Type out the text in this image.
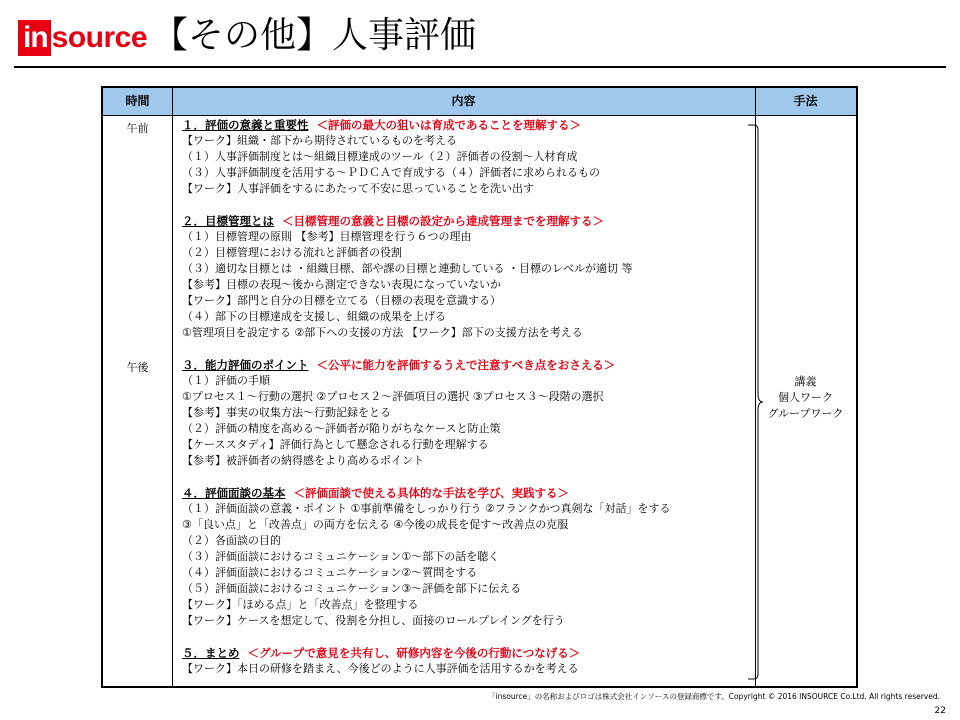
in source 【その他】人事評価
時間	内容	手法
午前
午後
１．評価の意義と重要性 ＜評価の最大の狙いは育成であることを理解する＞
【ワーク】組織・部下から期待されているものを考える
（１）人事評価制度とは～組織目標達成のツール（２）評価者の役割～人材育成
（３）人事評価制度を活用する～ＰＤＣＡで育成する（４）評価者に求められるもの
【ワーク】人事評価をするにあたって不安に思っていることを洗い出す
２．目標管理とは ＜目標管理の意義と目標の設定から達成管理までを理解する＞
（１）目標管理の原則 【参考】目標管理を行う６つの理由
（２）目標管理における流れと評価者の役割
（３）適切な目標とは ・組織目標、部や課の目標と連動している ・目標のレベルが適切 等
【参考】目標の表現～後から測定できない表現になっていないか
【ワーク】部門と自分の目標を立てる（目標の表現を意識する）
（４）部下の目標達成を支援し、組織の成果を上げる
①管理項目を設定する ②部下への支援の方法 【ワーク】部下の支援方法を考える
３．能力評価のポイント ＜公平に能力を評価するうえで注意すべき点をおさえる＞
（１）評価の手順
①プロセス１～行動の選択 ②プロセス２～評価項目の選択 ③プロセス３～段階の選択
【参考】事実の収集方法～行動記録をとる
（２）評価の精度を高める～評価者が陥りがちなケースと防止策
【ケーススタディ】評価行為として懸念される行動を理解する
【参考】被評価者の納得感をより高めるポイント
４．評価面談の基本 ＜評価面談で使える具体的な手法を学び、実践する＞
（１）評価面談の意義・ポイント ①事前準備をしっかり行う ②フランクかつ真剣な「対話」をする
③「良い点」と「改善点」の両方を伝える ④今後の成長を促す～改善点の克服
（２）各面談の目的
（３）評価面談におけるコミュニケーション①～部下の話を聴く
（４）評価面談におけるコミュニケーション②～質問をする
（５）評価面談におけるコミュニケーション③～評価を部下に伝える
【ワーク】「ほめる点」と「改善点」を整理する
【ワーク】ケースを想定して、役割を分担し、面接のロールプレイングを行う
５．まとめ ＜グループで意見を共有し、研修内容を今後の行動につなげる＞
【ワーク】本日の研修を踏まえ、今後どのように人事評価を活用するかを考える
講義
個人ワーク
グループワーク
「insource」の名称およびロゴは株式会社インソースの登録商標です。Copyright © 2016 INSOURCE Co.Ltd. All rights reserved.
22
